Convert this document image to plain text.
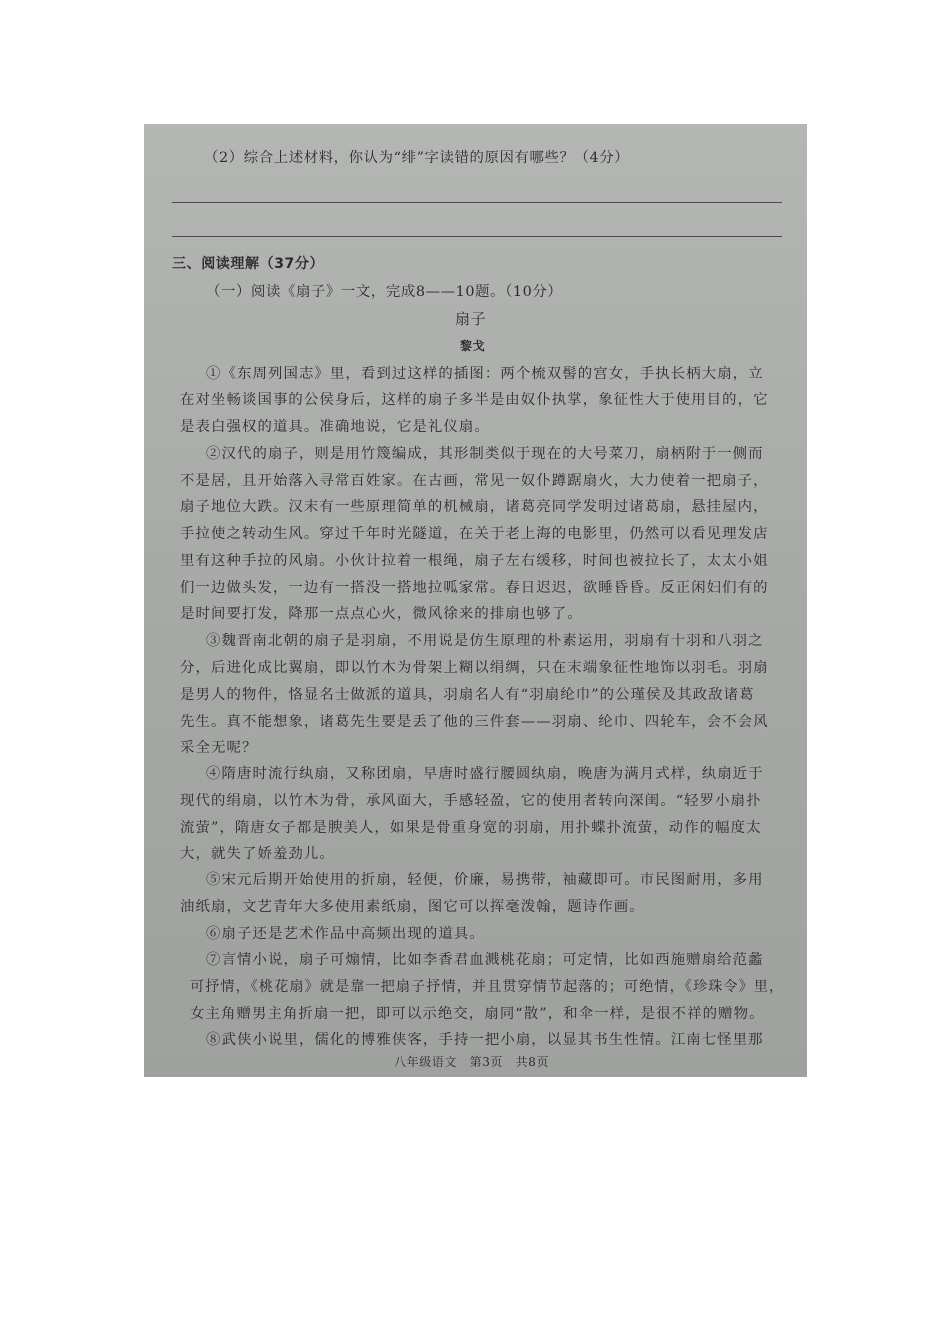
（2）综合上述材料，你认为“绯”字读错的原因有哪些？（4分）
三、阅读理解（37分）
（一）阅读《扇子》一文，完成8——10题。（10分）
扇子
黎戈
①《东周列国志》里，看到过这样的插图：两个梳双髻的宫女，手执长柄大扇，立
在对坐畅谈国事的公侯身后，这样的扇子多半是由奴仆执掌，象征性大于使用目的，它
是表白强权的道具。准确地说，它是礼仪扇。
②汉代的扇子，则是用竹篾编成，其形制类似于现在的大号菜刀，扇柄附于一侧而
不是居，且开始落入寻常百姓家。在古画，常见一奴仆蹲踞扇火，大力使着一把扇子，
扇子地位大跌。汉末有一些原理简单的机械扇，诸葛亮同学发明过诸葛扇，悬挂屋内，
手拉使之转动生风。穿过千年时光隧道，在关于老上海的电影里，仍然可以看见理发店
里有这种手拉的风扇。小伙计拉着一根绳，扇子左右缓移，时间也被拉长了，太太小姐
们一边做头发，一边有一搭没一搭地拉呱家常。春日迟迟，欲睡昏昏。反正闲妇们有的
是时间要打发，降那一点点心火，微风徐来的排扇也够了。
③魏晋南北朝的扇子是羽扇，不用说是仿生原理的朴素运用，羽扇有十羽和八羽之
分，后进化成比翼扇，即以竹木为骨架上糊以绢绸，只在末端象征性地饰以羽毛。羽扇
是男人的物件，恪显名士做派的道具，羽扇名人有“羽扇纶巾”的公瑾侯及其政敌诸葛
先生。真不能想象，诸葛先生要是丢了他的三件套——羽扇、纶巾、四轮车，会不会风
采全无呢？
④隋唐时流行纨扇，又称团扇，早唐时盛行腰圆纨扇，晚唐为满月式样，纨扇近于
现代的绢扇，以竹木为骨，承风面大，手感轻盈，它的使用者转向深闺。“轻罗小扇扑
流萤”，隋唐女子都是腴美人，如果是骨重身宽的羽扇，用扑蝶扑流萤，动作的幅度太
大，就失了娇羞劲儿。
⑤宋元后期开始使用的折扇，轻便，价廉，易携带，袖藏即可。市民图耐用，多用
油纸扇，文艺青年大多使用素纸扇，图它可以挥毫泼翰，题诗作画。
⑥扇子还是艺术作品中高频出现的道具。
⑦言情小说，扇子可煽情，比如李香君血溅桃花扇；可定情，比如西施赠扇给范蠡
可抒情，《桃花扇》就是靠一把扇子抒情，并且贯穿情节起落的；可绝情，《珍珠令》里，
女主角赠男主角折扇一把，即可以示绝交，扇同“散”，和伞一样，是很不祥的赠物。
⑧武侠小说里，儒化的博雅侠客，手持一把小扇，以显其书生性情。江南七怪里那
八年级语文　第3页　共8页
